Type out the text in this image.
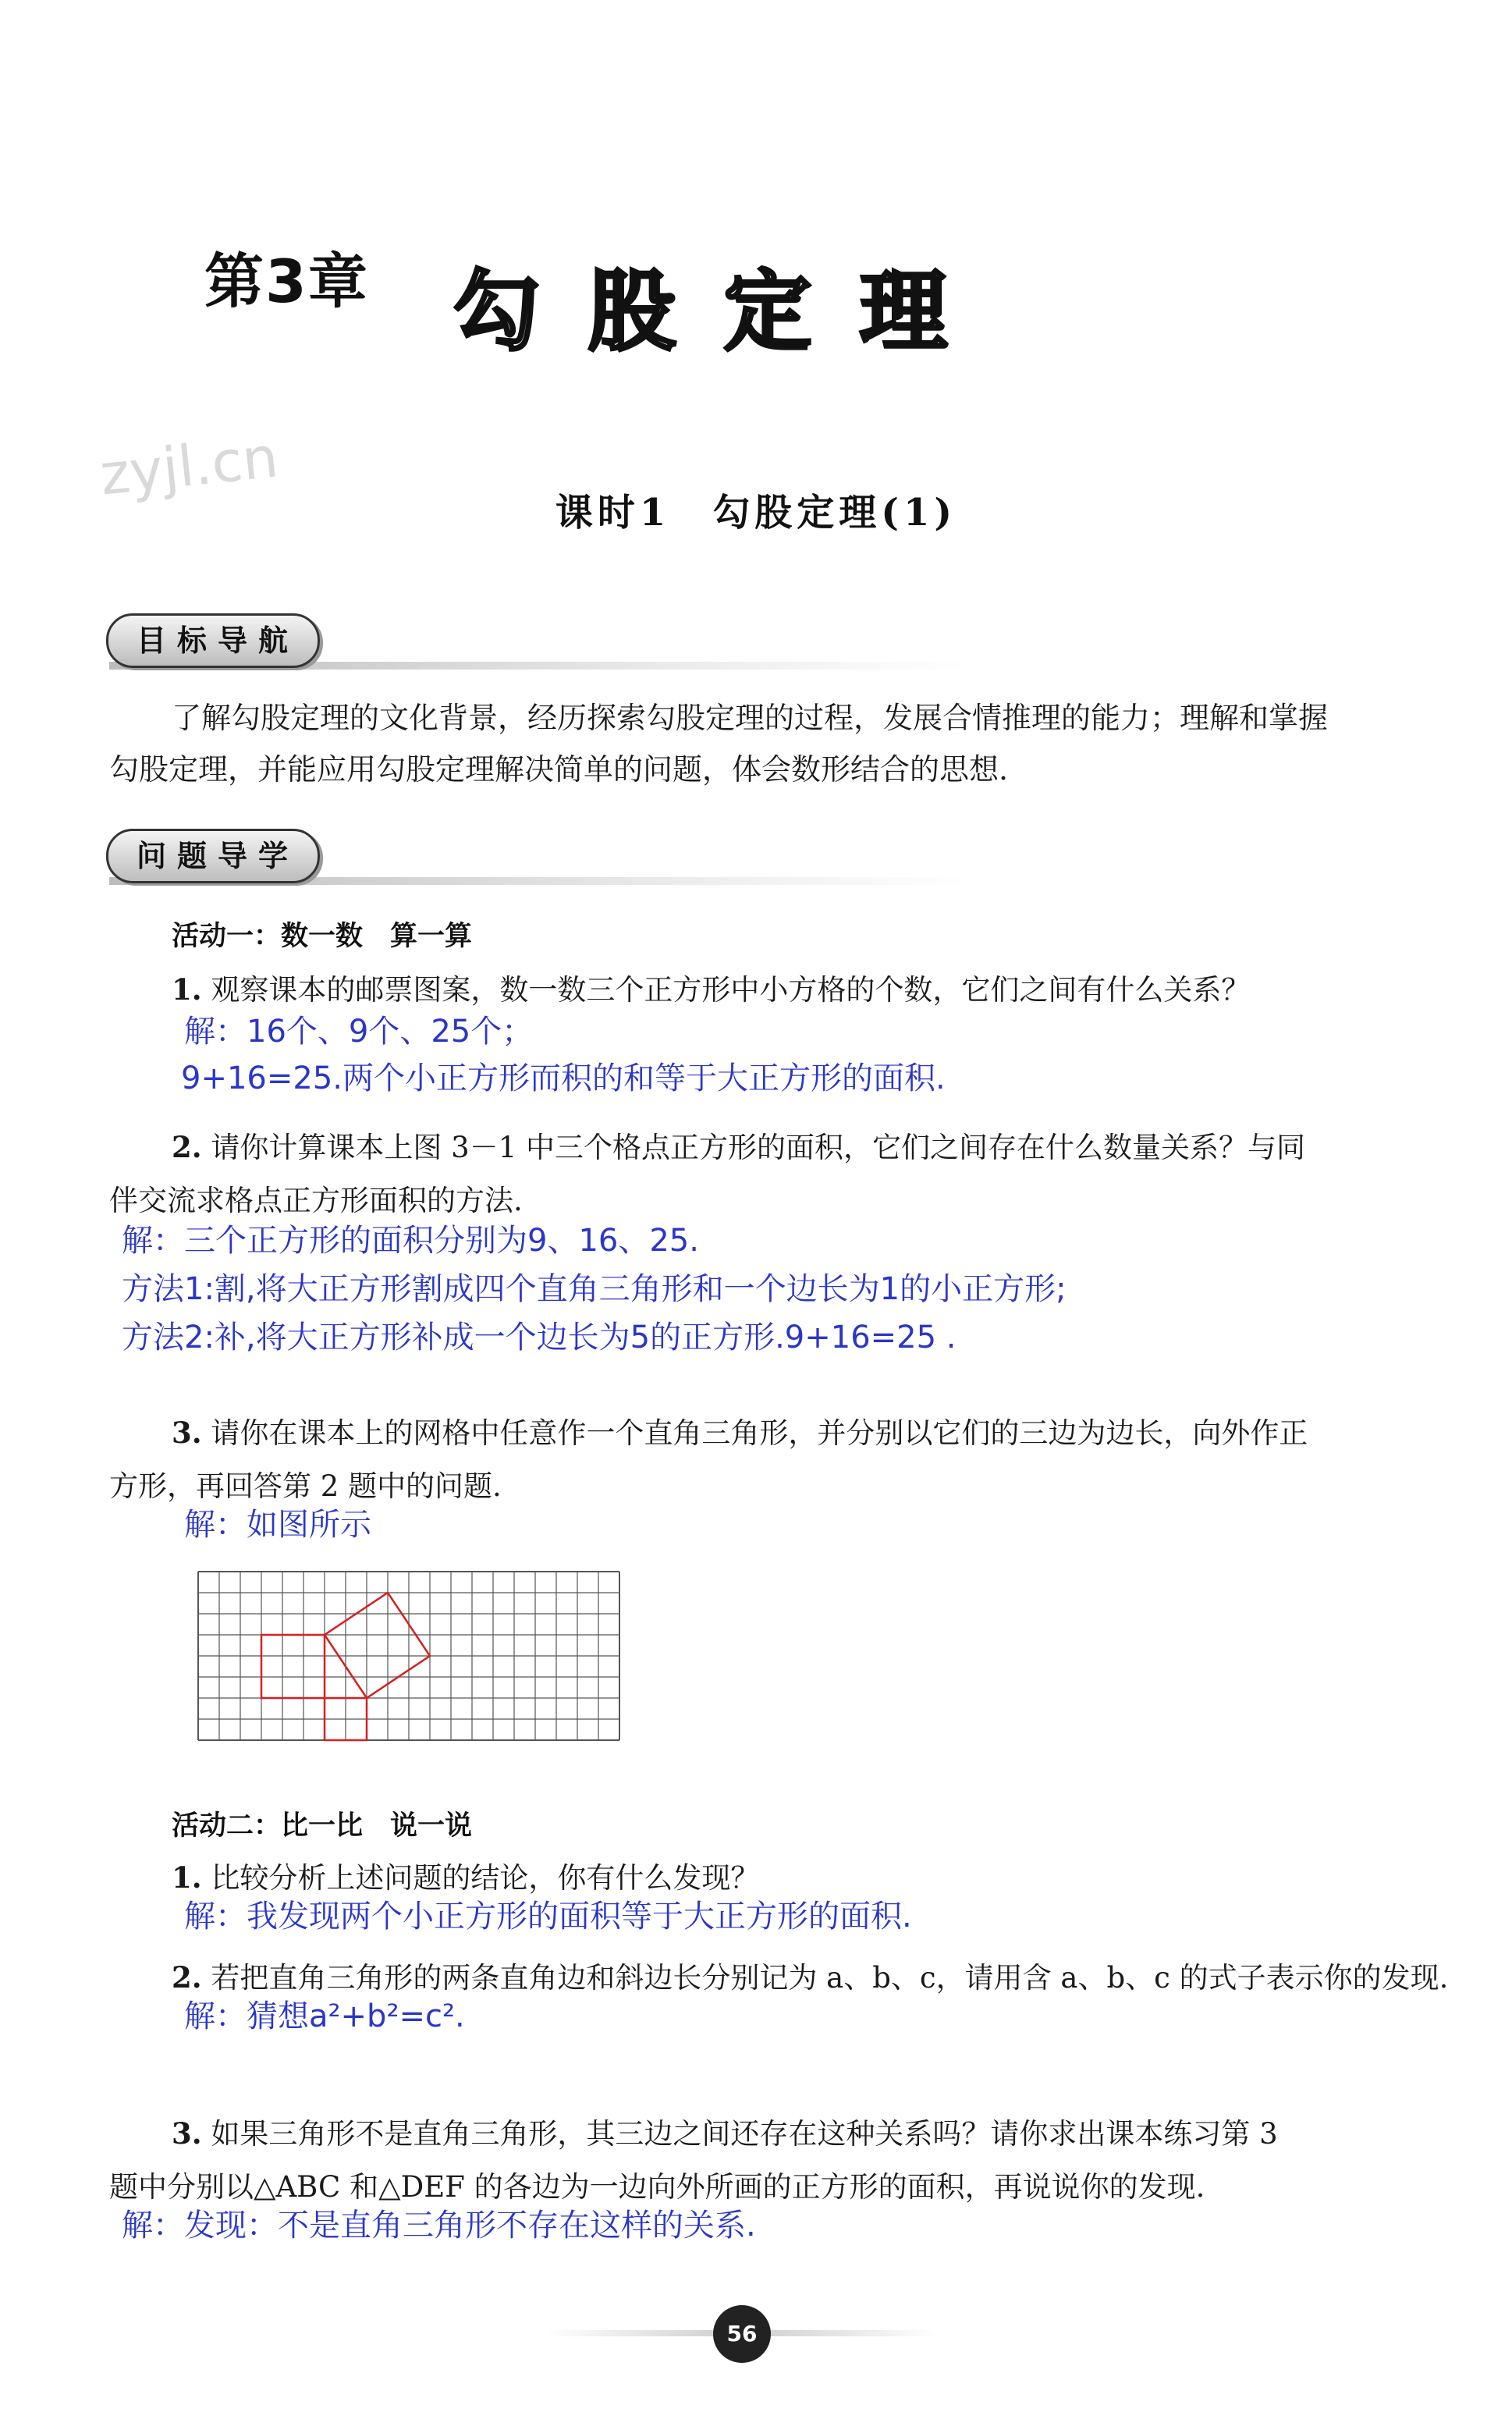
第3章 勾股定理
zyjl.cn
课时1　勾股定理(1)
目标导航
了解勾股定理的文化背景，经历探索勾股定理的过程，发展合情推理的能力；理解和掌握
勾股定理，并能应用勾股定理解决简单的问题，体会数形结合的思想.
问题导学
活动一：数一数　算一算
1. 观察课本的邮票图案，数一数三个正方形中小方格的个数，它们之间有什么关系？
解：16个、9个、25个；
9+16=25.两个小正方形而积的和等于大正方形的面积.
2. 请你计算课本上图 3－1 中三个格点正方形的面积，它们之间存在什么数量关系？与同
伴交流求格点正方形面积的方法.
解：三个正方形的面积分别为9、16、25.
方法1:割,将大正方形割成四个直角三角形和一个边长为1的小正方形;
方法2:补,将大正方形补成一个边长为5的正方形.9+16=25 .
3. 请你在课本上的网格中任意作一个直角三角形，并分别以它们的三边为边长，向外作正
方形，再回答第 2 题中的问题.
解：如图所示
活动二：比一比　说一说
1. 比较分析上述问题的结论，你有什么发现？
解：我发现两个小正方形的面积等于大正方形的面积.
2. 若把直角三角形的两条直角边和斜边长分别记为 a、b、c，请用含 a、b、c 的式子表示你的发现.
解：猜想a²+b²=c².
3. 如果三角形不是直角三角形，其三边之间还存在这种关系吗？请你求出课本练习第 3
题中分别以△ABC 和△DEF 的各边为一边向外所画的正方形的面积，再说说你的发现.
解：发现：不是直角三角形不存在这样的关系.
56
